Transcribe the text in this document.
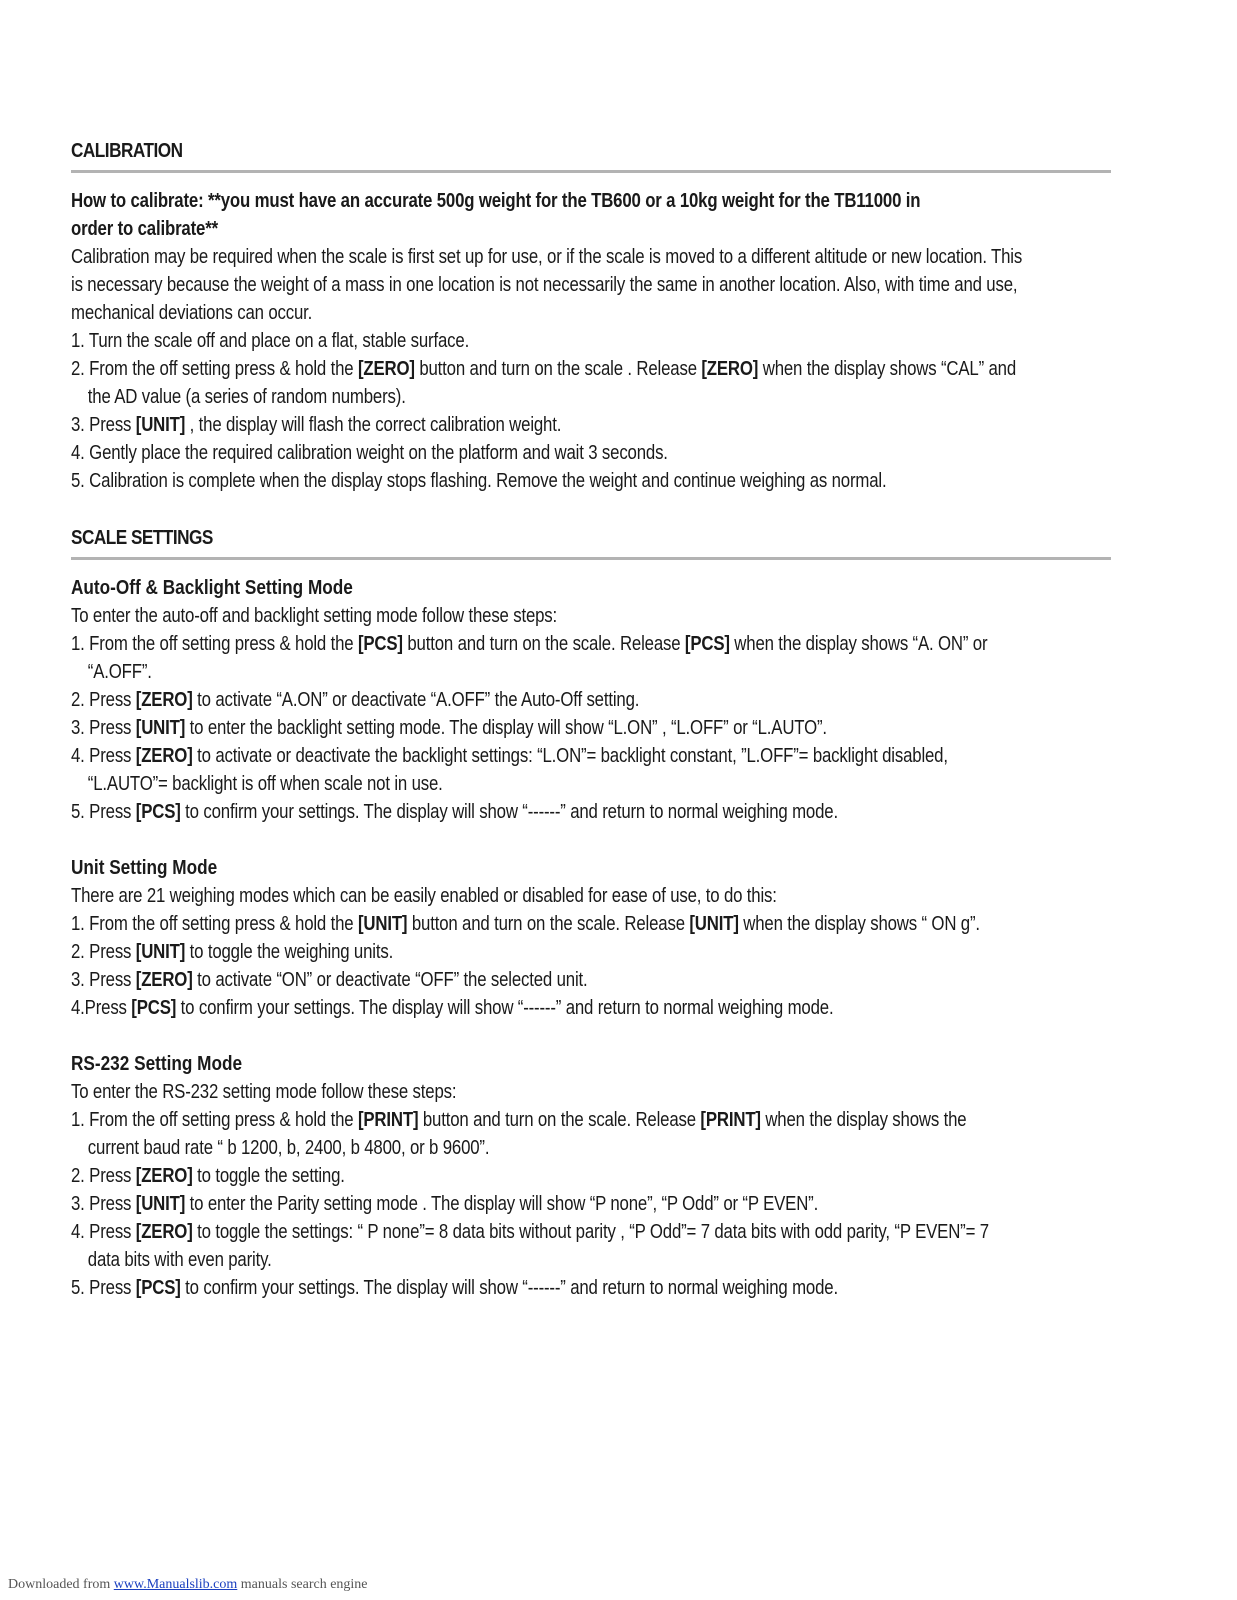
CALIBRATION
How to calibrate: **you must have an accurate 500g weight for the TB600 or a 10kg weight for the TB11000 in
order to calibrate**
Calibration may be required when the scale is first set up for use, or if the scale is moved to a different altitude or new location. This
is necessary because the weight of a mass in one location is not necessarily the same in another location. Also, with time and use,
mechanical deviations can occur.
1. Turn the scale off and place on a flat, stable surface.
2. From the off setting press & hold the [ZERO] button and turn on the scale . Release [ZERO] when the display shows “CAL” and
the AD value (a series of random numbers).
3. Press [UNIT] , the display will flash the correct calibration weight.
4. Gently place the required calibration weight on the platform and wait 3 seconds.
5. Calibration is complete when the display stops flashing. Remove the weight and continue weighing as normal.
SCALE SETTINGS
Auto-Off & Backlight Setting Mode
To enter the auto-off and backlight setting mode follow these steps:
1. From the off setting press & hold the [PCS] button and turn on the scale. Release [PCS] when the display shows “A. ON” or
“A.OFF”.
2. Press [ZERO] to activate “A.ON” or deactivate “A.OFF” the Auto-Off setting.
3. Press [UNIT] to enter the backlight setting mode. The display will show “L.ON” , “L.OFF” or “L.AUTO”.
4. Press [ZERO] to activate or deactivate the backlight settings: “L.ON”= backlight constant, ”L.OFF”= backlight disabled,
“L.AUTO”= backlight is off when scale not in use.
5. Press [PCS] to confirm your settings. The display will show “------” and return to normal weighing mode.
Unit Setting Mode
There are 21 weighing modes which can be easily enabled or disabled for ease of use, to do this:
1. From the off setting press & hold the [UNIT] button and turn on the scale. Release [UNIT] when the display shows “ ON g”.
2. Press [UNIT] to toggle the weighing units.
3. Press [ZERO] to activate “ON” or deactivate “OFF” the selected unit.
4.Press [PCS] to confirm your settings. The display will show “------” and return to normal weighing mode.
RS-232 Setting Mode
To enter the RS-232 setting mode follow these steps:
1. From the off setting press & hold the [PRINT] button and turn on the scale. Release [PRINT] when the display shows the
current baud rate “ b 1200, b, 2400, b 4800, or b 9600”.
2. Press [ZERO] to toggle the setting.
3. Press [UNIT] to enter the Parity setting mode . The display will show “P none”, “P Odd” or “P EVEN”.
4. Press [ZERO] to toggle the settings: “ P none”= 8 data bits without parity , “P Odd”= 7 data bits with odd parity, “P EVEN”= 7
data bits with even parity.
5. Press [PCS] to confirm your settings. The display will show “------” and return to normal weighing mode.
Downloaded from www.Manualslib.com manuals search engine
